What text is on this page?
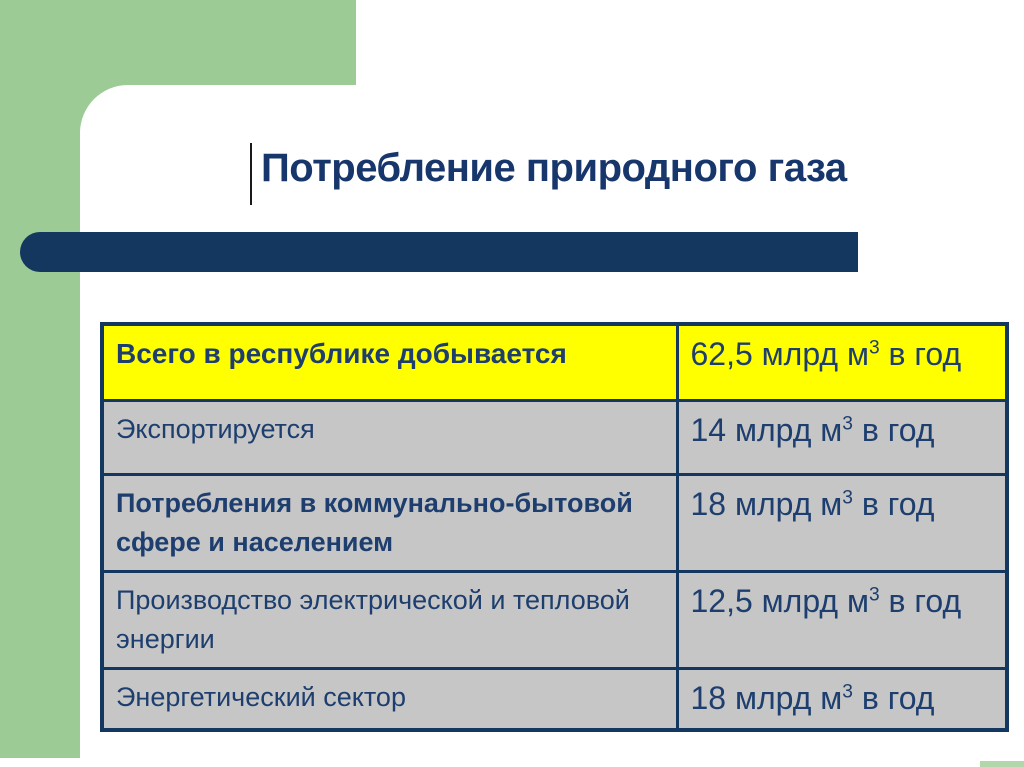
Потребление природного газа
Всего в республике добывается	62,5 млрд $м^3$ в год
Экспортируется	14 млрд $м^3$ в год
Потребления в коммунально-бытовой сфере и населением	18 млрд $м^3$ в год
Производство электрической и тепловой энергии	12,5 млрд $м^3$ в год
Энергетический сектор	18 млрд $м^3$ в год
